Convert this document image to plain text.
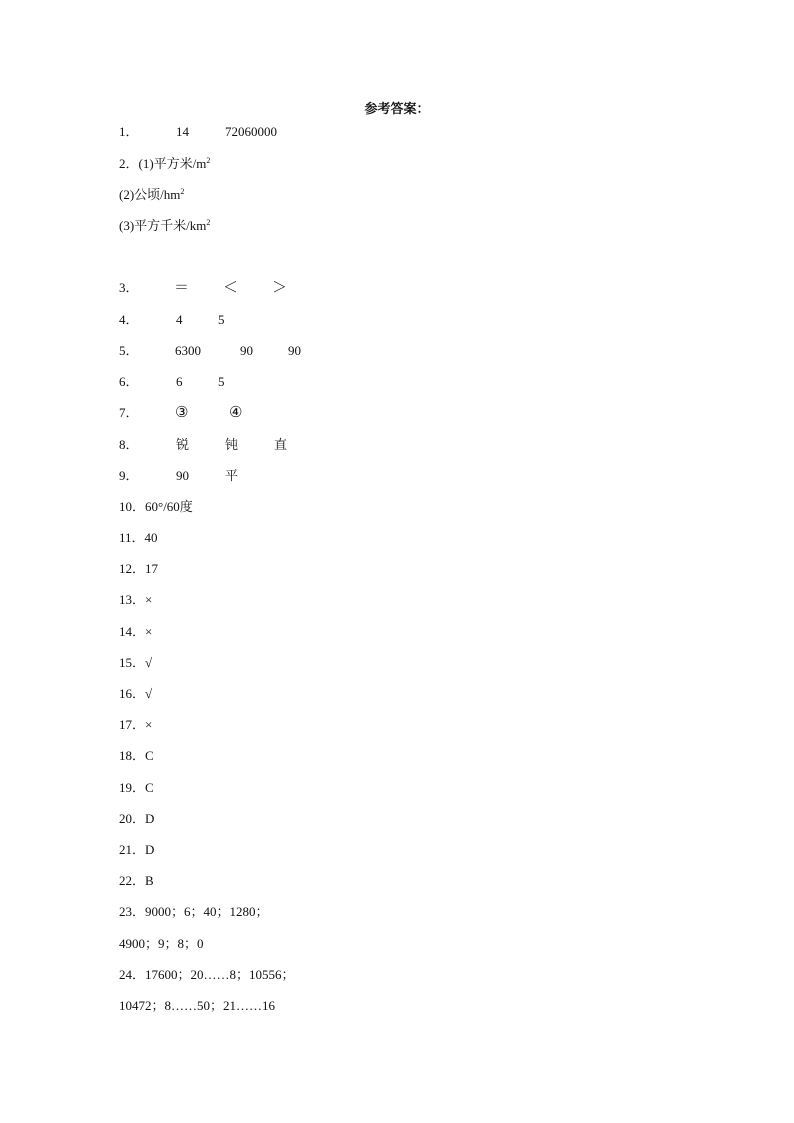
参考答案：
1．	14	72060000
2．(1)平方米$/m^2$
(2)公顷$/hm^2$
(3)平方千米$/km^2$
3． ＝ ＜ ＞
4．	4	5
5．	6300	90	90
6．	6	5
7． ③	④
8．	锐	钝	直
9．	90	平
10．60°/60度
11．40
12．17
13．×
14．×
15．√
16．√
17．×
18．C
19．C
20．D
21．D
22．B
23．9000；6；40；1280；
4900；9；8；0
24．17600；20……8；10556；
10472；8……50；21……16
